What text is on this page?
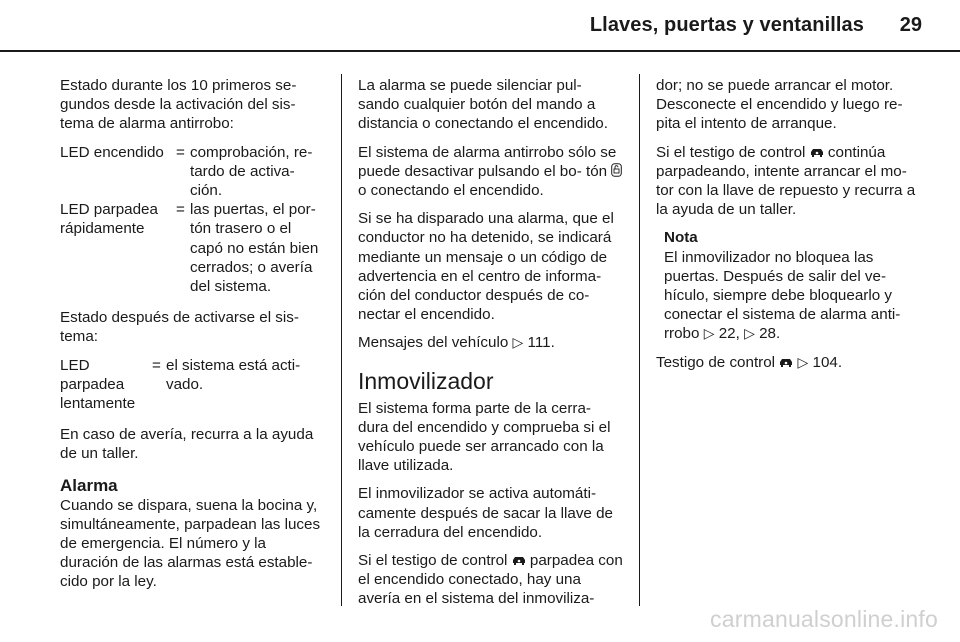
Llaves, puertas y ventanillas 29

Estado durante los 10 primeros se- gundos desde la activación del sis- tema de alarma antirrobo:

LED encendido = comprobación, re- tardo de activa- ción.
LED parpadea rápidamente
= las puertas, el por- tón trasero o el capó no están bien cerrados; o avería del sistema.

Estado después de activarse el sis- tema:

LED parpadea lentamente
= el sistema está acti- vado.

En caso de avería, recurra a la ayuda de un taller.

Alarma

Cuando se dispara, suena la bocina y, simultáneamente, parpadean las luces de emergencia. El número y la duración de las alarmas está estable- cido por la ley.

La alarma se puede silenciar pul- sando cualquier botón del mando a distancia o conectando el encendido.

El sistema de alarma antirrobo sólo se puede desactivar pulsando el bo- tón  o conectando el encendido.

Si se ha disparado una alarma, que el conductor no ha detenido, se indicará mediante un mensaje o un código de advertencia en el centro de informa- ción del conductor después de co- nectar el encendido.

Mensajes del vehículo ▷ 111.

Inmovilizador

El sistema forma parte de la cerra- dura del encendido y comprueba si el vehículo puede ser arrancado con la llave utilizada.

El inmovilizador se activa automáti- camente después de sacar la llave de la cerradura del encendido.

Si el testigo de control parpadea con el encendido conectado, hay una avería en el sistema del inmoviliza-

dor; no se puede arrancar el motor. Desconecte el encendido y luego re- pita el intento de arranque.

Si el testigo de control continúa parpadeando, intente arrancar el mo- tor con la llave de repuesto y recurra a la ayuda de un taller.

Nota
El inmovilizador no bloquea las puertas. Después de salir del ve- hículo, siempre debe bloquearlo y conectar el sistema de alarma anti- rrobo ▷ 22, ▷ 28.

Testigo de control ▷ 104.

carmanualsonline.info
